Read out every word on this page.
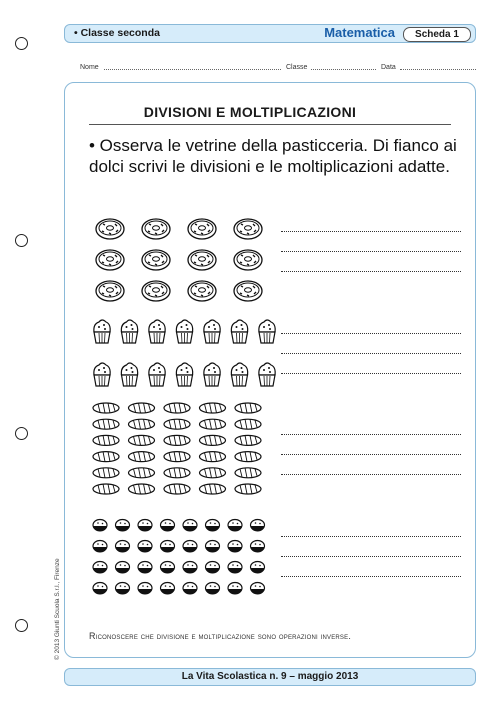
• Classe seconda	Matematica	Scheda 1
Nome	Classe	Data
DIVISIONI E MOLTIPLICAZIONI
• Osserva le vetrine della pasticceria. Di fianco ai dolci scrivi le divisioni e le moltiplicazioni adatte.
Riconoscere che divisione e moltiplicazione sono operazioni inverse.
© 2013 Giunti Scuola S.r.l., Firenze
La Vita Scolastica n. 9 – maggio 2013
